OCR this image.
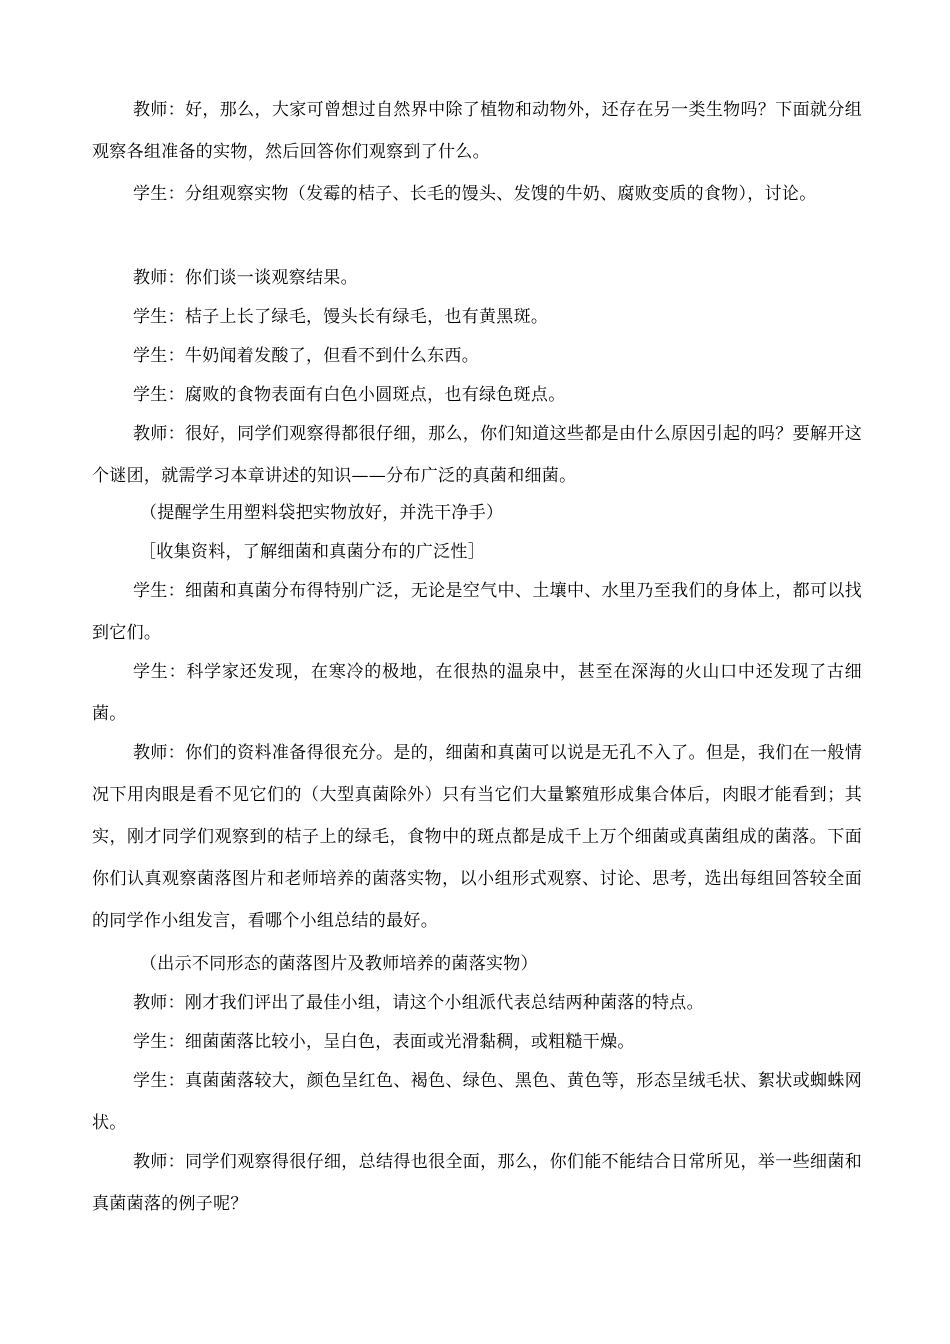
教师：好，那么，大家可曾想过自然界中除了植物和动物外，还存在另一类生物吗？下面就分组观察各组准备的实物，然后回答你们观察到了什么。
学生：分组观察实物（发霉的桔子、长毛的馒头、发馊的牛奶、腐败变质的食物），讨论。
教师：你们谈一谈观察结果。
学生：桔子上长了绿毛，馒头长有绿毛，也有黄黑斑。
学生：牛奶闻着发酸了，但看不到什么东西。
学生：腐败的食物表面有白色小圆斑点，也有绿色斑点。
教师：很好，同学们观察得都很仔细，那么，你们知道这些都是由什么原因引起的吗？要解开这个谜团，就需学习本章讲述的知识——分布广泛的真菌和细菌。
（提醒学生用塑料袋把实物放好，并洗干净手）
［收集资料，了解细菌和真菌分布的广泛性］
学生：细菌和真菌分布得特别广泛，无论是空气中、土壤中、水里乃至我们的身体上，都可以找到它们。
学生：科学家还发现，在寒冷的极地，在很热的温泉中，甚至在深海的火山口中还发现了古细菌。
教师：你们的资料准备得很充分。是的，细菌和真菌可以说是无孔不入了。但是，我们在一般情况下用肉眼是看不见它们的（大型真菌除外）只有当它们大量繁殖形成集合体后，肉眼才能看到；其实，刚才同学们观察到的桔子上的绿毛，食物中的斑点都是成千上万个细菌或真菌组成的菌落。下面你们认真观察菌落图片和老师培养的菌落实物，以小组形式观察、讨论、思考，选出每组回答较全面的同学作小组发言，看哪个小组总结的最好。
（出示不同形态的菌落图片及教师培养的菌落实物）
教师：刚才我们评出了最佳小组，请这个小组派代表总结两种菌落的特点。
学生：细菌菌落比较小，呈白色，表面或光滑黏稠，或粗糙干燥。
学生：真菌菌落较大，颜色呈红色、褐色、绿色、黑色、黄色等，形态呈绒毛状、絮状或蜘蛛网状。
教师：同学们观察得很仔细，总结得也很全面，那么，你们能不能结合日常所见，举一些细菌和真菌菌落的例子呢？
